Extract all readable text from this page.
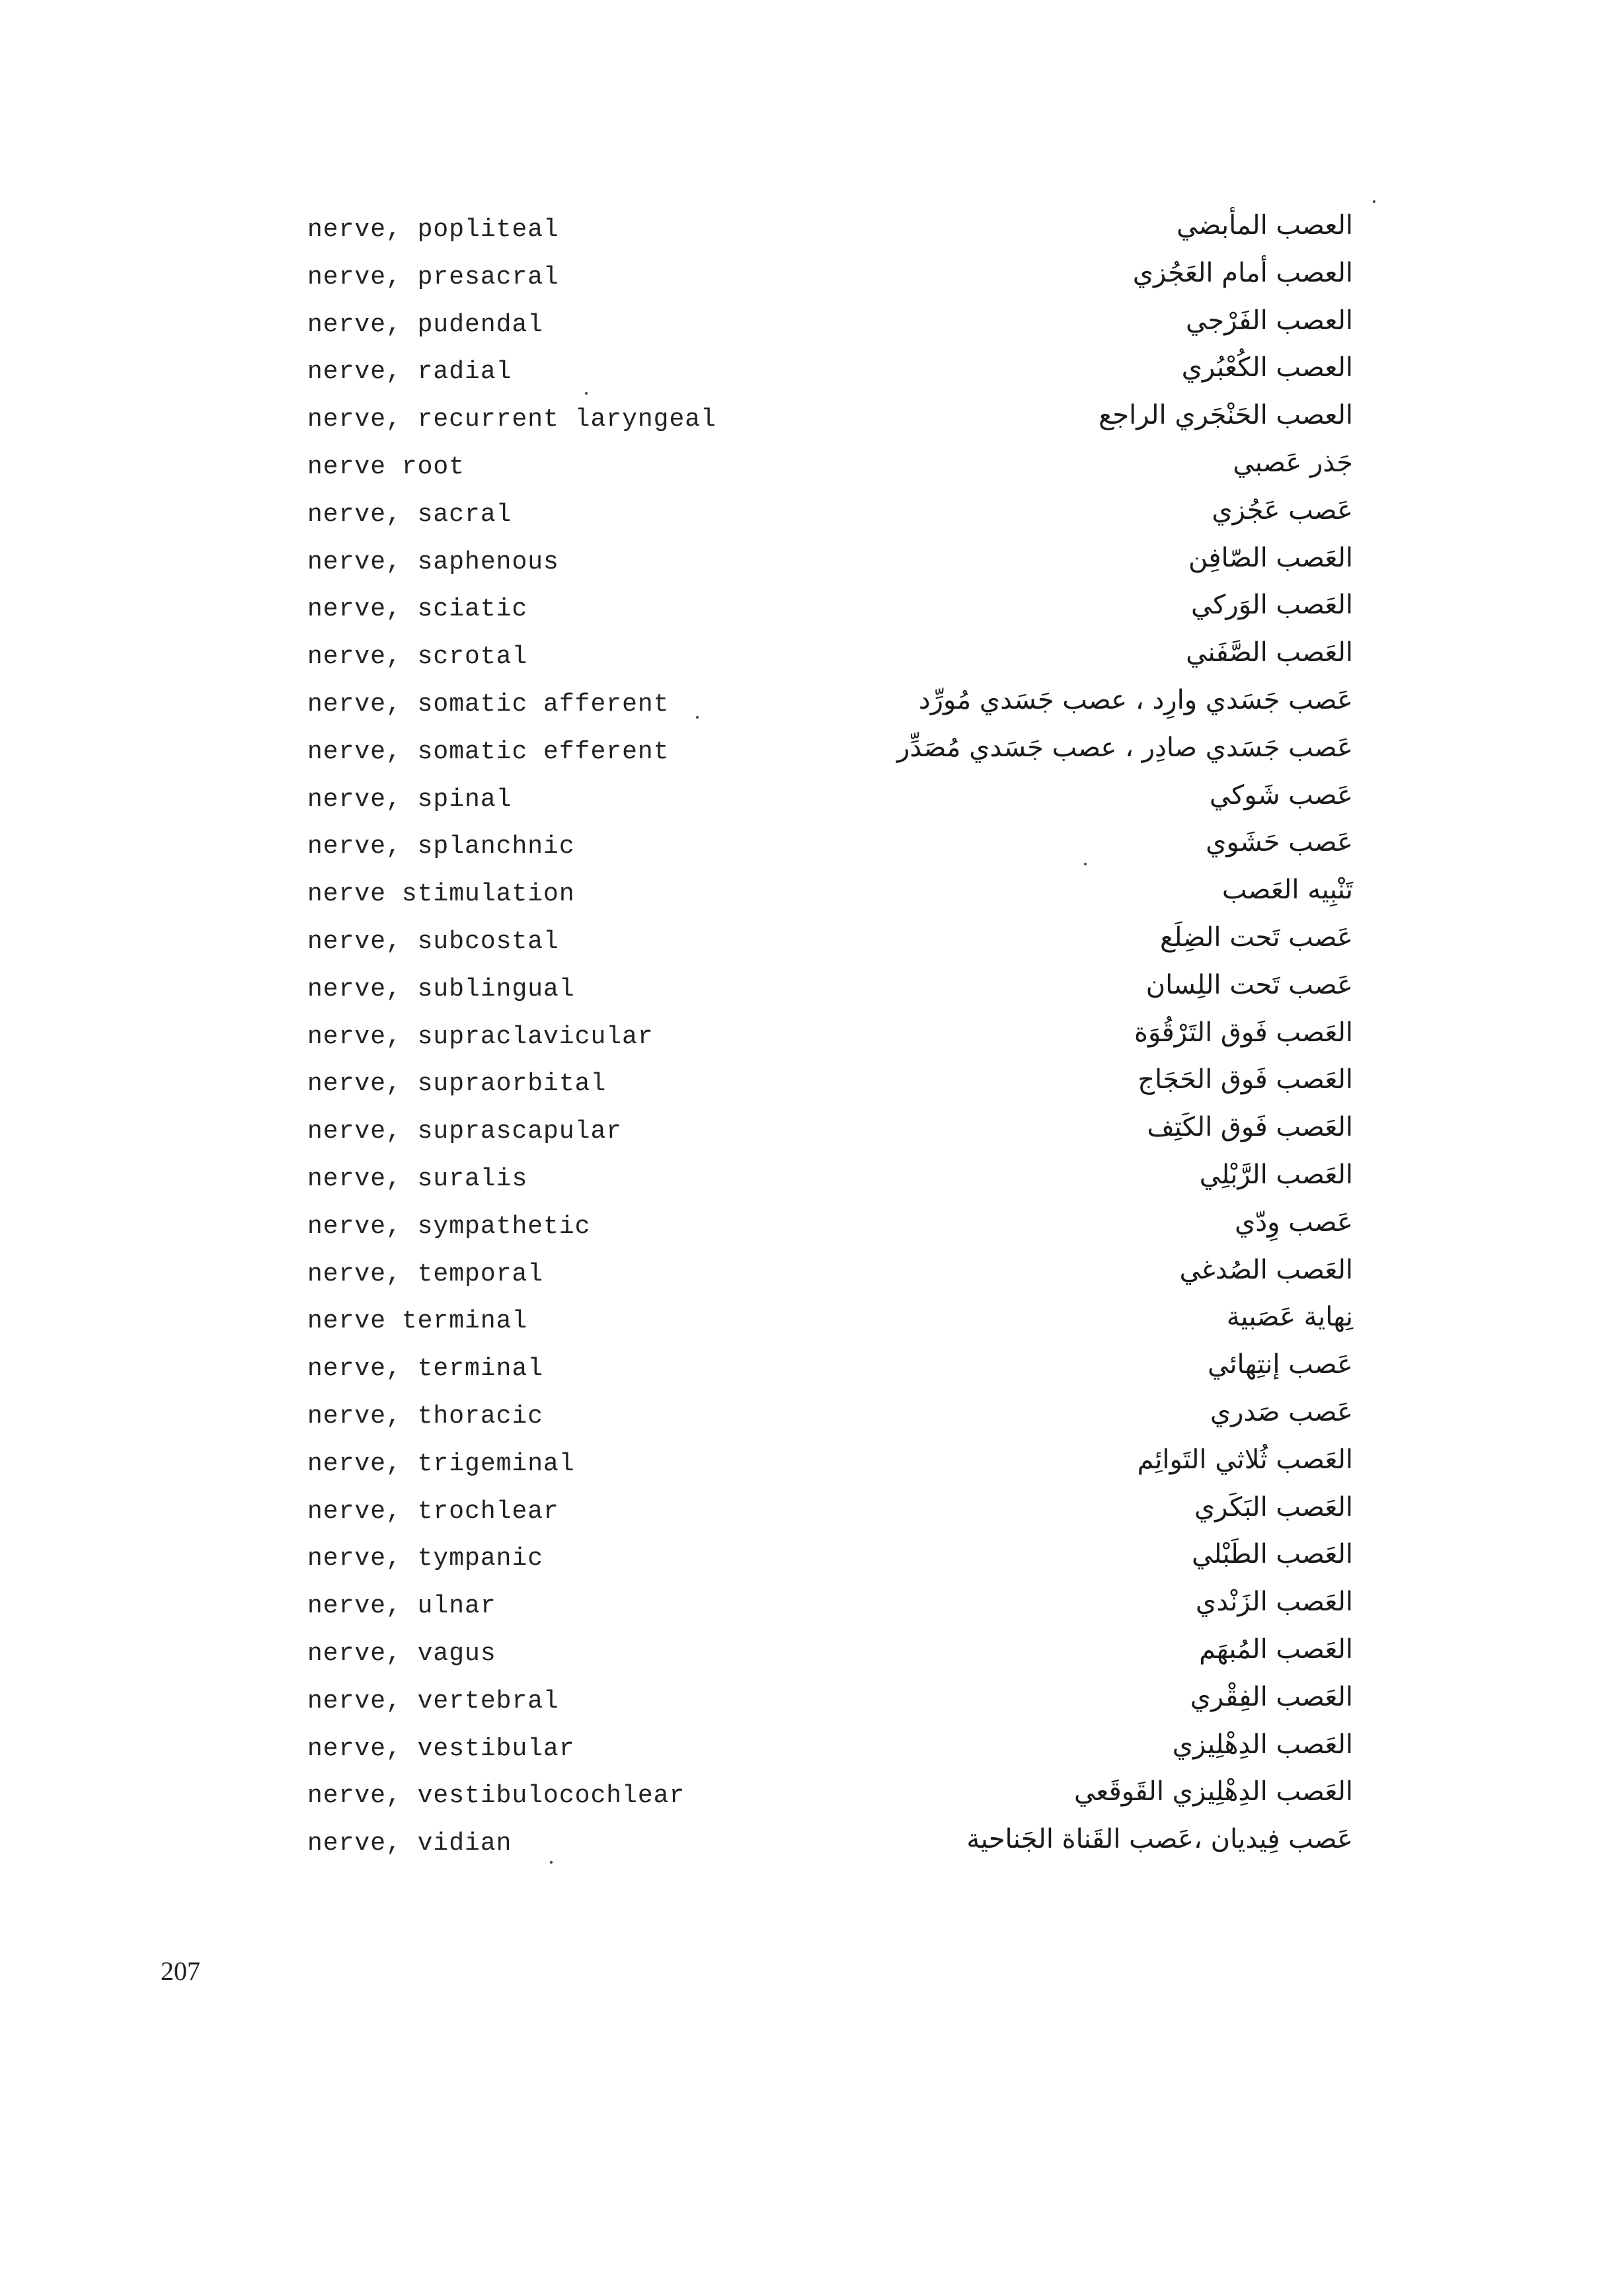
nerve, popliteal	العصب المأبضي
nerve, presacral	العصب أمام العَجُزي
nerve, pudendal	العصب الفَرْجي
nerve, radial	العصب الكُعْبُري
nerve, recurrent laryngeal	العصب الحَنْجَري الراجع
nerve root	جَذر عَصبي
nerve, sacral	عَصب عَجُزي
nerve, saphenous	العَصب الصّافِن
nerve, sciatic	العَصب الوَركي
nerve, scrotal	العَصب الصَّفَني
nerve, somatic afferent	عَصب جَسَدي وارِد ، عصب جَسَدي مُورِّد
nerve, somatic efferent	عَصب جَسَدي صادِر ، عصب جَسَدي مُصَدِّر
nerve, spinal	عَصب شَوكي
nerve, splanchnic	عَصب حَشَوي
nerve stimulation	تَنْبِيه العَصب
nerve, subcostal	عَصب تَحت الضِلَع
nerve, sublingual	عَصب تَحت اللِسان
nerve, supraclavicular	العَصب فَوق التَرْقُوَة
nerve, supraorbital	العَصب فَوق الحَجَاج
nerve, suprascapular	العَصب فَوق الكَتِف
nerve, suralis	العَصب الرَّبْلِي
nerve, sympathetic	عَصب وِدّي
nerve, temporal	العَصب الصُدغي
nerve terminal	نِهاية عَصَبية
nerve, terminal	عَصب إنتِهائي
nerve, thoracic	عَصب صَدري
nerve, trigeminal	العَصب ثُلاثي التَوائِم
nerve, trochlear	العَصب البَكَري
nerve, tympanic	العَصب الطَبْلي
nerve, ulnar	العَصب الزَنْدي
nerve, vagus	العَصب المُبهَم
nerve, vertebral	العَصب الفِقْري
nerve, vestibular	العَصب الدِهْلِيزي
nerve, vestibulocochlear	العَصب الدِهْلِيزي القَوقَعي
nerve, vidian	عَصب فِيديان ،عَصب القَناة الجَناحية
207
